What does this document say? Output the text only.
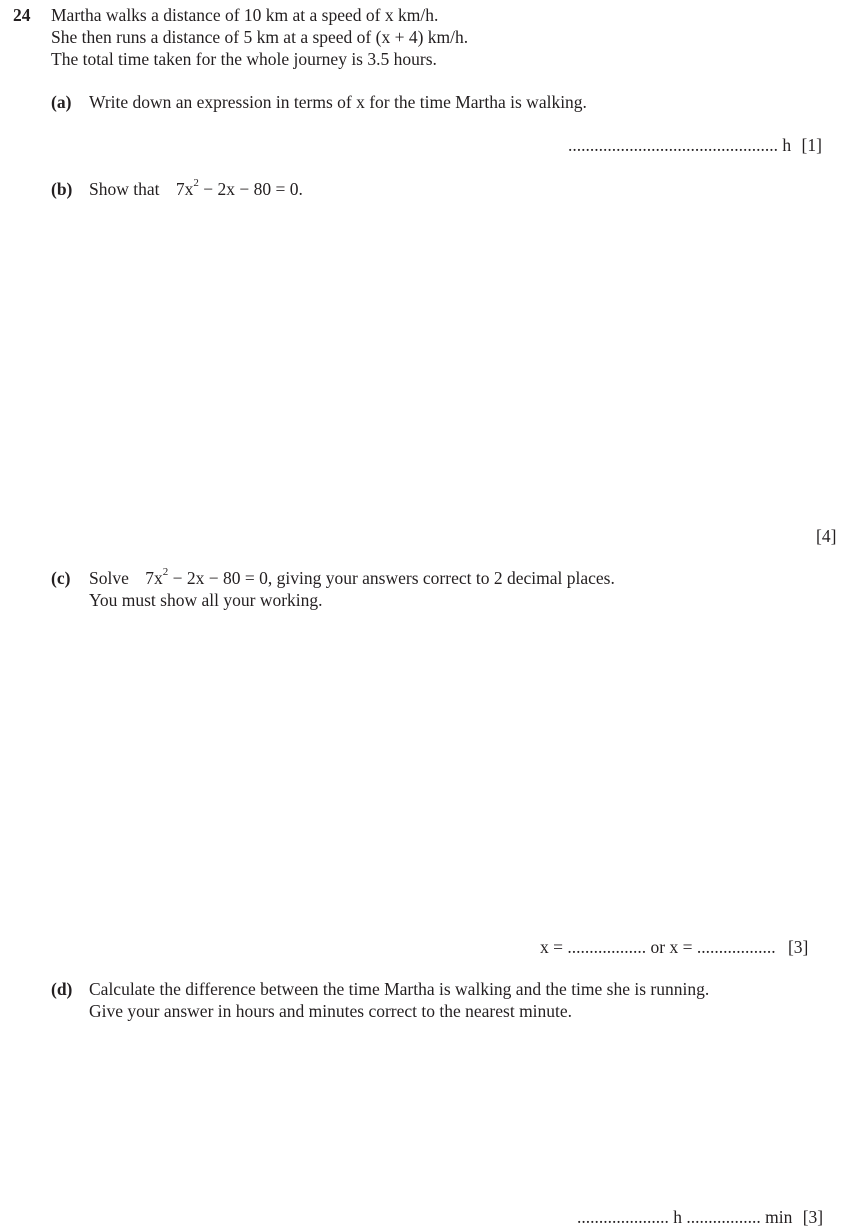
24 Martha walks a distance of 10 km at a speed of x km/h.
She then runs a distance of 5 km at a speed of (x + 4) km/h.
The total time taken for the whole journey is 3.5 hours.
(a) Write down an expression in terms of x for the time Martha is walking.
................................................ h [1]
(b) Show that $7x^2 - 2x - 80 = 0$.
[4]
(c) Solve $7x^2 - 2x - 80 = 0$, giving your answers correct to 2 decimal places.
You must show all your working.
x = .................. or x = .................. [3]
(d) Calculate the difference between the time Martha is walking and the time she is running.
Give your answer in hours and minutes correct to the nearest minute.
..................... h ................. min [3]
